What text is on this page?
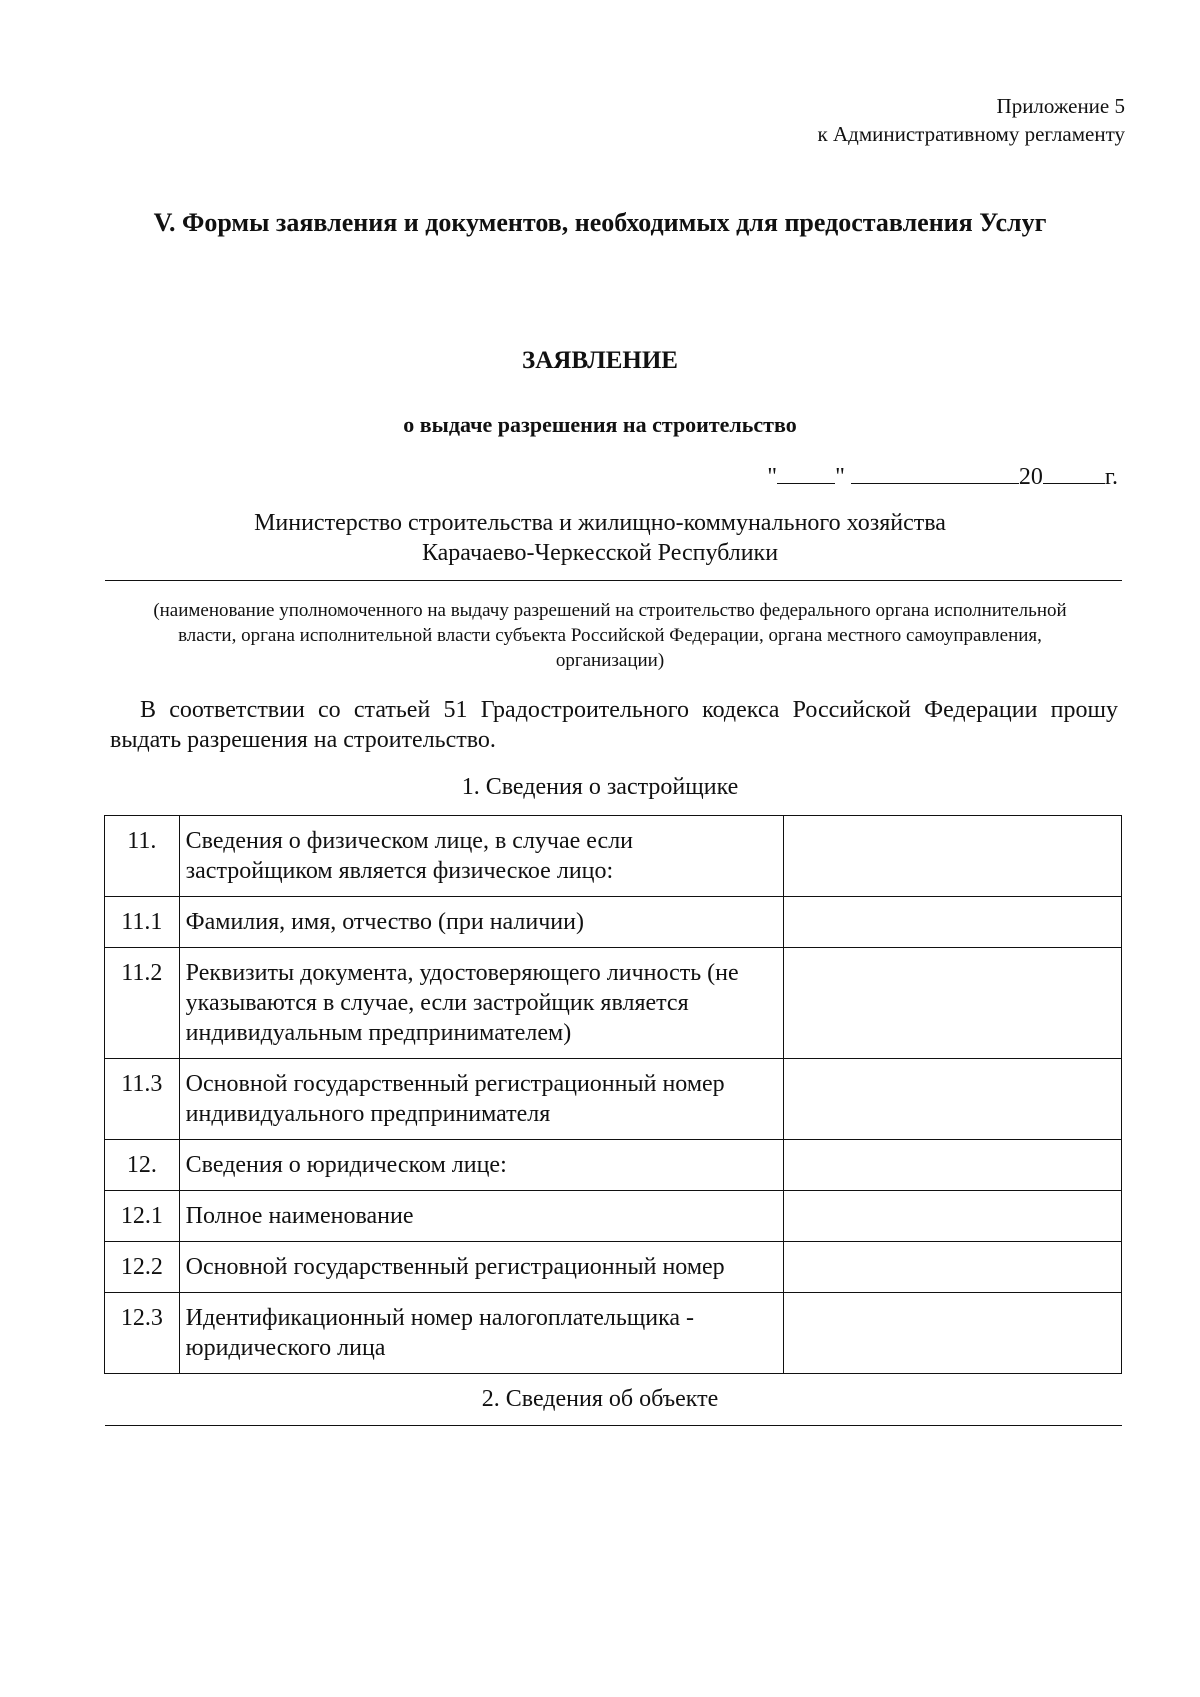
Приложение 5
к Административному регламенту
V. Формы заявления и документов, необходимых для предоставления Услуг
ЗАЯВЛЕНИЕ
о выдаче разрешения на строительство
" "	20	г.
Министерство строительства и жилищно-коммунального хозяйства
Карачаево-Черкесской Республики
(наименование уполномоченного на выдачу разрешений на строительство федерального органа исполнительной власти, органа исполнительной власти субъекта Российской Федерации, органа местного самоуправления, организации)
В соответствии со статьей 51 Градостроительного кодекса Российской Федерации прошу выдать разрешения на строительство.
1. Сведения о застройщике
11.	Сведения о физическом лице, в случае если застройщиком является физическое лицо:	
11.1	Фамилия, имя, отчество (при наличии)	
11.2	Реквизиты документа, удостоверяющего личность (не указываются в случае, если застройщик является индивидуальным предпринимателем)	
11.3	Основной государственный регистрационный номер индивидуального предпринимателя	
12.	Сведения о юридическом лице:	
12.1	Полное наименование	
12.2	Основной государственный регистрационный номер	
12.3	Идентификационный номер налогоплательщика - юридического лица	
2. Сведения об объекте
